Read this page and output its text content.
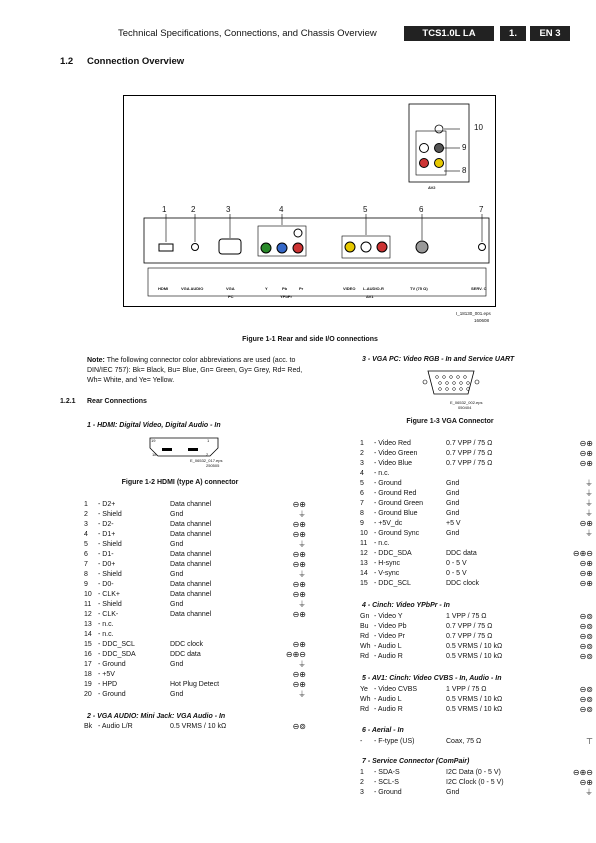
Technical Specifications, Connections, and Chassis Overview	TCS1.0L LA	1.	EN 3
1.2 Connection Overview
1	2	3	4	5	6	7
8
9
10
AV2
HDMI	VGA AUDIO	VGA	Y	Pb	Pr	VIDEO L-AUDIO-R	TV (75 Ω)	SERV. C
PC	YPbPr	AV1
I_18130_001.eps
160608
Figure 1-1 Rear and side I/O connections
Note: The following connector color abbreviations are used (acc. to DIN/IEC 757): Bk= Black, Bu= Blue, Gn= Green, Gy= Grey, Rd= Red, Wh= White, and Ye= Yellow.
1.2.1 Rear Connections
1 - HDMI: Digital Video, Digital Audio - In
19	1
18	2
E_06532_017.eps
250505
Figure 1-2 HDMI (type A) connector
1	- D2+	Data channel	⊖⊕
2	- Shield	Gnd	⏚
3	- D2-	Data channel	⊖⊕
4	- D1+	Data channel	⊖⊕
5	- Shield	Gnd	⏚
6	- D1-	Data channel	⊖⊕
7	- D0+	Data channel	⊖⊕
8	- Shield	Gnd	⏚
9	- D0-	Data channel	⊖⊕
10	- CLK+	Data channel	⊖⊕
11	- Shield	Gnd	⏚
12	- CLK-	Data channel	⊖⊕
13	- n.c.		
14	- n.c.		
15	- DDC_SCL	DDC clock	⊖⊕
16	- DDC_SDA	DDC data	⊖⊕⊖
17	- Ground	Gnd	⏚
18	- +5V		⊖⊕
19	- HPD	Hot Plug Detect	⊖⊕
20	- Ground	Gnd	⏚
2 - VGA AUDIO: Mini Jack: VGA Audio - In
Bk	- Audio L/R	0.5 VRMS / 10 kΩ	⊖⊚
3 - VGA PC: Video RGB - In and Service UART
E_06532_002.eps
050404
Figure 1-3 VGA Connector
1	- Video Red	0.7 VPP / 75 Ω	⊖⊕
2	- Video Green	0.7 VPP / 75 Ω	⊖⊕
3	- Video Blue	0.7 VPP / 75 Ω	⊖⊕
4	- n.c.		
5	- Ground	Gnd	⏚
6	- Ground Red	Gnd	⏚
7	- Ground Green	Gnd	⏚
8	- Ground Blue	Gnd	⏚
9	- +5V_dc	+5 V	⊖⊕
10	- Ground Sync	Gnd	⏚
11	- n.c.		
12	- DDC_SDA	DDC data	⊖⊕⊖
13	- H-sync	0 - 5 V	⊖⊕
14	- V-sync	0 - 5 V	⊖⊕
15	- DDC_SCL	DDC clock	⊖⊕
4 - Cinch: Video YPbPr - In
Gn	- Video Y	1 VPP / 75 Ω	⊖⊚
Bu	- Video Pb	0.7 VPP / 75 Ω	⊖⊚
Rd	- Video Pr	0.7 VPP / 75 Ω	⊖⊚
Wh	- Audio L	0.5 VRMS / 10 kΩ	⊖⊚
Rd	- Audio R	0.5 VRMS / 10 kΩ	⊖⊚
5 - AV1: Cinch: Video CVBS - In, Audio - In
Ye	- Video CVBS	1 VPP / 75 Ω	⊖⊚
Wh	- Audio L	0.5 VRMS / 10 kΩ	⊖⊚
Rd	- Audio R	0.5 VRMS / 10 kΩ	⊖⊚
6 - Aerial - In
-	- F-type (US)	Coax, 75 Ω	⊤
7 - Service Connector (ComPair)
1	- SDA-S	I2C Data (0 - 5 V)	⊖⊕⊖
2	- SCL-S	I2C Clock (0 - 5 V)	⊖⊕
3	- Ground	Gnd	⏚
